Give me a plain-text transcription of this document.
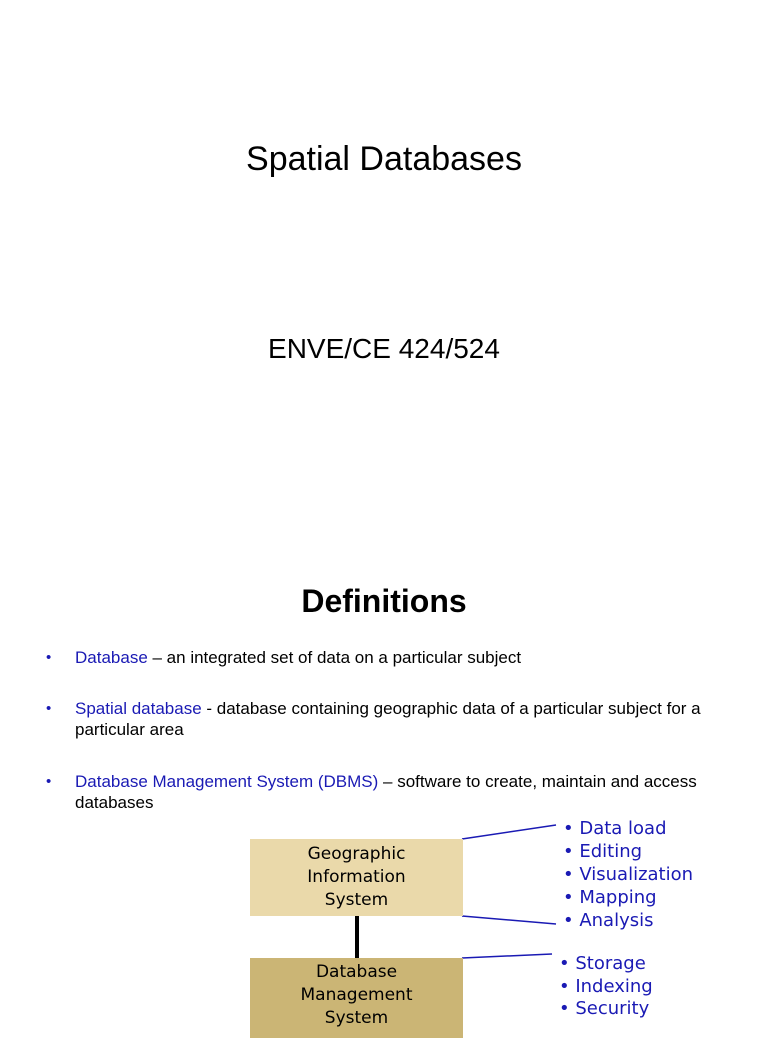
Spatial Databases
ENVE/CE 424/524
Definitions
• Database – an integrated set of data on a particular subject
• Spatial database - database containing geographic data of a particular subject for a particular area
• Database Management System (DBMS) – software to create, maintain and access databases
Geographic
Information
System
Database
Management
System
• Data load
• Editing
• Visualization
• Mapping
• Analysis
• Storage
• Indexing
• Security
